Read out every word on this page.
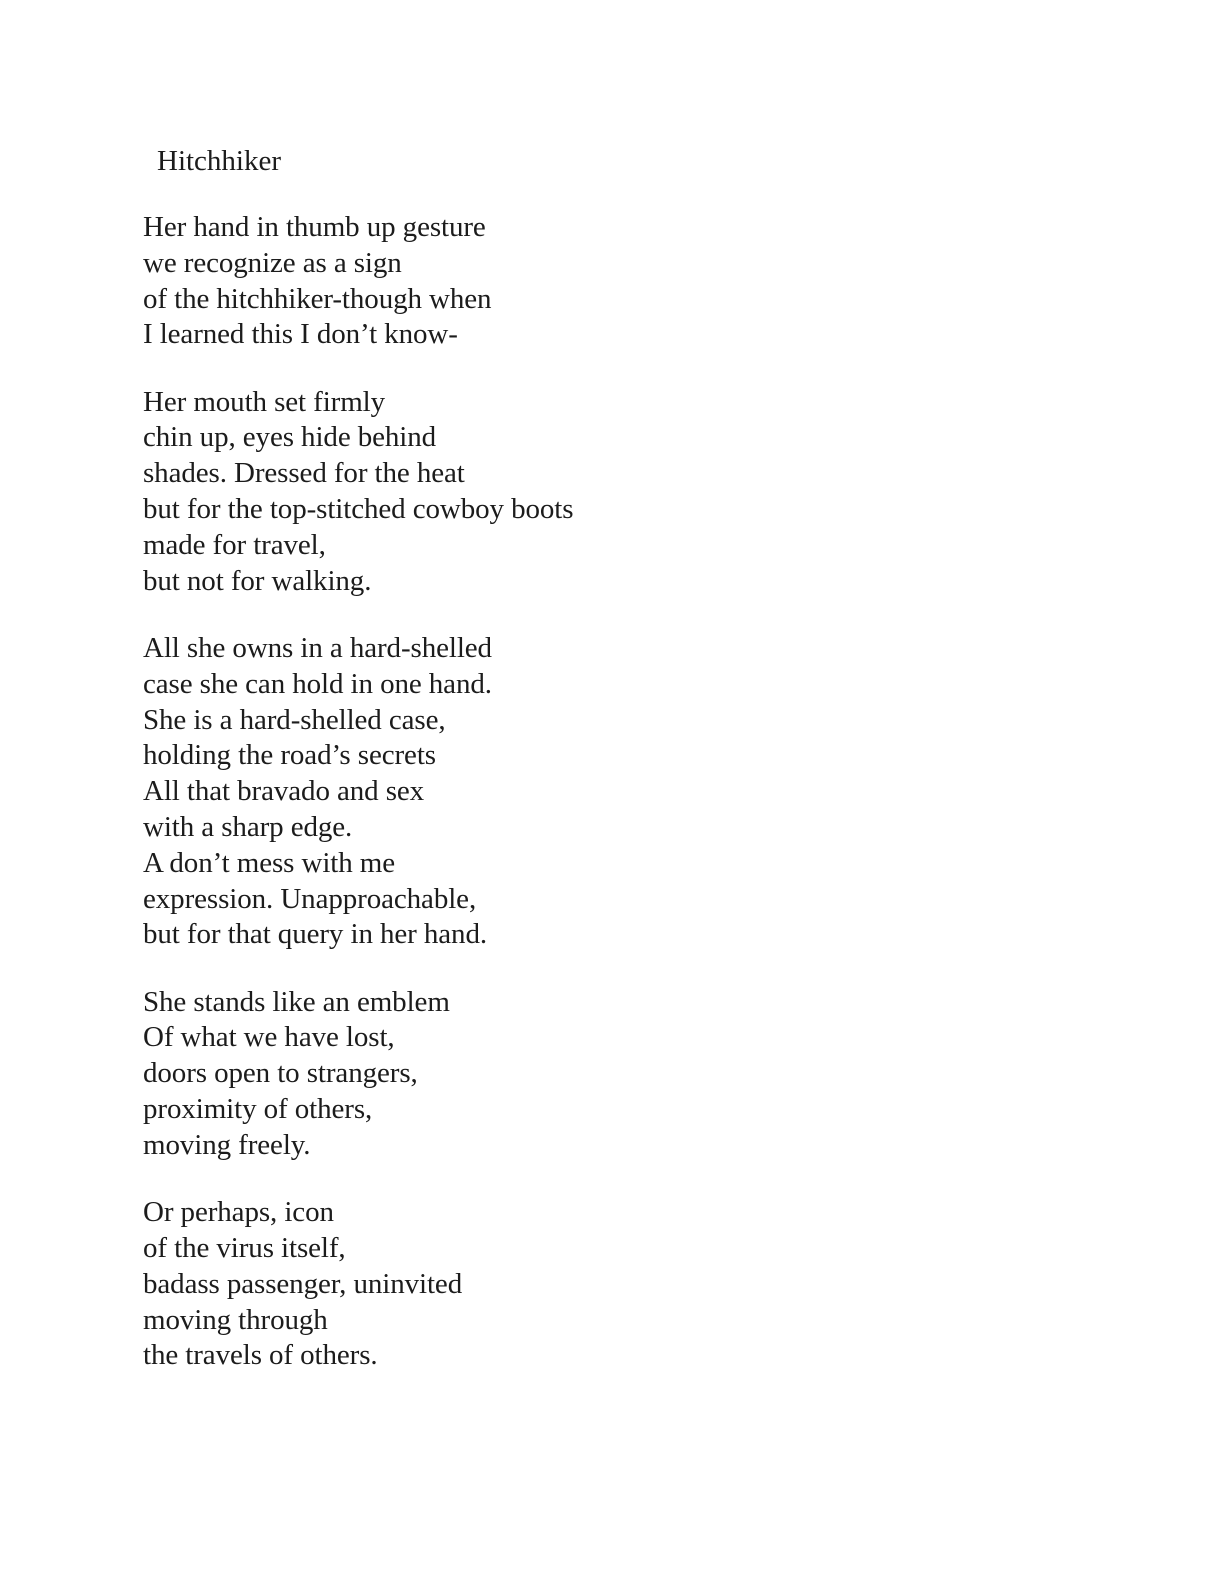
Hitchhiker
Her hand in thumb up gesture
we recognize as a sign
of the hitchhiker-though when
I learned this I don’t know-
Her mouth set firmly
chin up, eyes hide behind
shades. Dressed for the heat
but for the top-stitched cowboy boots
made for travel,
but not for walking.
All she owns in a hard-shelled
case she can hold in one hand.
She is a hard-shelled case,
holding the road’s secrets
All that bravado and sex
with a sharp edge.
A don’t mess with me
expression. Unapproachable,
but for that query in her hand.
She stands like an emblem
Of what we have lost,
doors open to strangers,
proximity of others,
moving freely.
Or perhaps, icon
of the virus itself,
badass passenger, uninvited
moving through
the travels of others.
